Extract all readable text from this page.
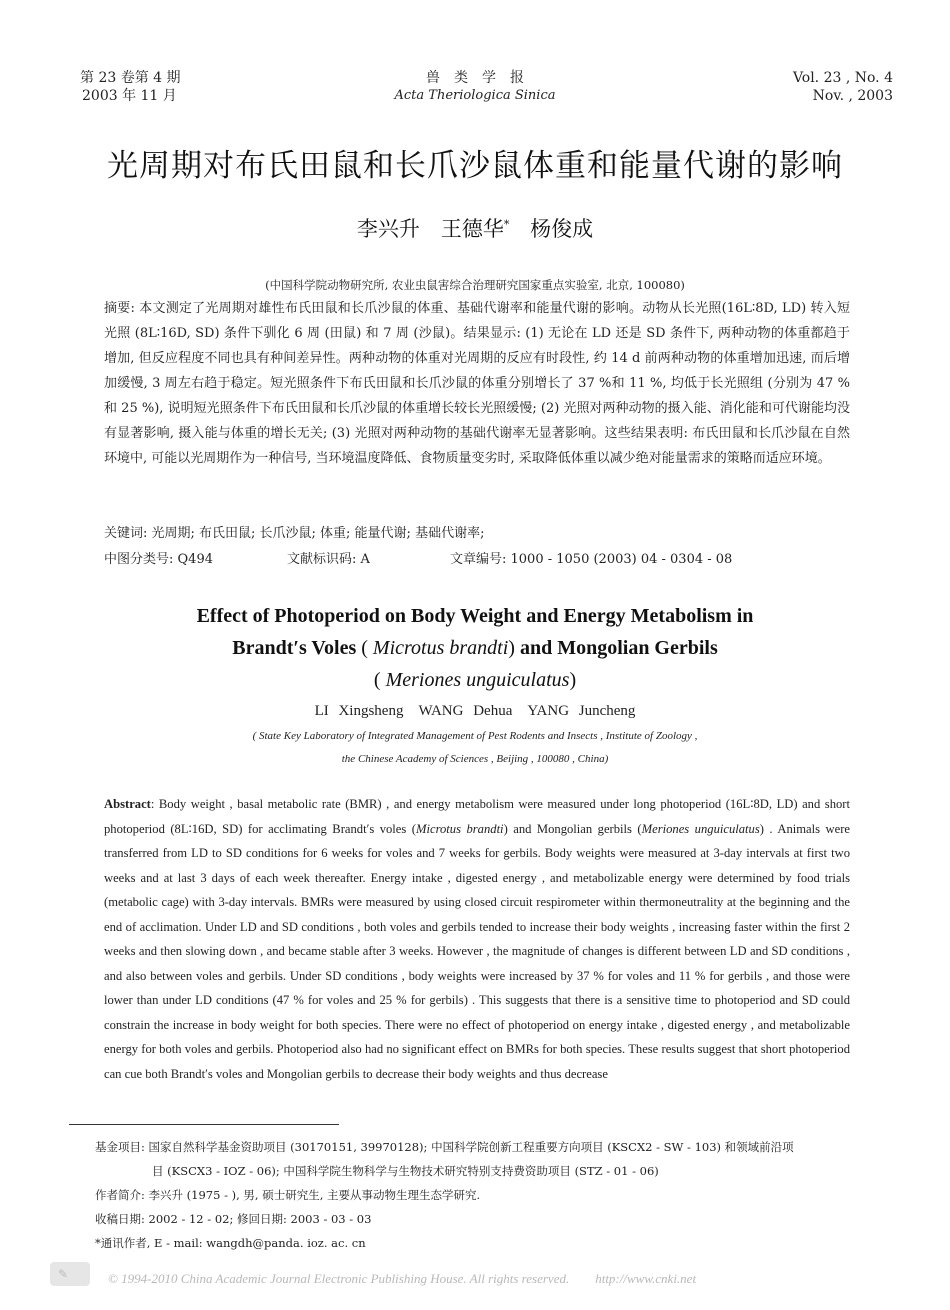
第 23 卷第 4 期
2003 年 11 月
兽　类　学　报
Acta Theriologica Sinica
Vol. 23 , No. 4
Nov. , 2003
光周期对布氏田鼠和长爪沙鼠体重和能量代谢的影响
李兴升　王德华* 杨俊成
(中国科学院动物研究所, 农业虫鼠害综合治理研究国家重点实验室, 北京, 100080)
摘要: 本文测定了光周期对雄性布氏田鼠和长爪沙鼠的体重、基础代谢率和能量代谢的影响。动物从长光照(16L∶8D, LD) 转入短光照 (8L∶16D, SD) 条件下驯化 6 周 (田鼠) 和 7 周 (沙鼠)。结果显示: (1) 无论在 LD 还是 SD 条件下, 两种动物的体重都趋于增加, 但反应程度不同也具有种间差异性。两种动物的体重对光周期的反应有时段性, 约 14 d 前两种动物的体重增加迅速, 而后增加缓慢, 3 周左右趋于稳定。短光照条件下布氏田鼠和长爪沙鼠的体重分别增长了 37 %和 11 %, 均低于长光照组 (分别为 47 %和 25 %), 说明短光照条件下布氏田鼠和长爪沙鼠的体重增长较长光照缓慢; (2) 光照对两种动物的摄入能、消化能和可代谢能均没有显著影响, 摄入能与体重的增长无关; (3) 光照对两种动物的基础代谢率无显著影响。这些结果表明: 布氏田鼠和长爪沙鼠在自然环境中, 可能以光周期作为一种信号, 当环境温度降低、食物质量变劣时, 采取降低体重以减少绝对能量需求的策略而适应环境。
关键词: 光周期; 布氏田鼠; 长爪沙鼠; 体重; 能量代谢; 基础代谢率;
中图分类号: Q494	文献标识码: A	文章编号: 1000 - 1050 (2003) 04 - 0304 - 08
Effect of Photoperiod on Body Weight and Energy Metabolism in
Brandt′s Voles ( Microtus brandti) and Mongolian Gerbils
( Meriones unguiculatus)
LI Xingsheng　WANG Dehua　YANG Juncheng
( State Key Laboratory of Integrated Management of Pest Rodents and Insects , Institute of Zoology ,
the Chinese Academy of Sciences , Beijing , 100080 , China)
Abstract: Body weight , basal metabolic rate (BMR) , and energy metabolism were measured under long photoperiod (16L∶8D, LD) and short photoperiod (8L∶16D, SD) for acclimating Brandt′s voles (Microtus brandti) and Mongolian gerbils (Meriones unguiculatus) . Animals were transferred from LD to SD conditions for 6 weeks for voles and 7 weeks for gerbils. Body weights were measured at 3-day intervals at first two weeks and at last 3 days of each week thereafter. Energy intake , digested energy , and metabolizable energy were determined by food trials (metabolic cage) with 3-day intervals. BMRs were measured by using closed circuit respirometer within thermoneutrality at the beginning and the end of acclimation. Under LD and SD conditions , both voles and gerbils tended to increase their body weights , increasing faster within the first 2 weeks and then slowing down , and became stable after 3 weeks. However , the magnitude of changes is different between LD and SD conditions , and also between voles and gerbils. Under SD conditions , body weights were increased by 37 % for voles and 11 % for gerbils , and those were lower than under LD conditions (47 % for voles and 25 % for gerbils) . This suggests that there is a sensitive time to photoperiod and SD could constrain the increase in body weight for both species. There were no effect of photoperiod on energy intake , digested energy , and metabolizable energy for both voles and gerbils. Photoperiod also had no significant effect on BMRs for both species. These results suggest that short photoperiod can cue both Brandt′s voles and Mongolian gerbils to decrease their body weights and thus decrease
基金项目: 国家自然科学基金资助项目 (30170151, 39970128); 中国科学院创新工程重要方向项目 (KSCX2 - SW - 103) 和领域前沿项
目 (KSCX3 - IOZ - 06); 中国科学院生物科学与生物技术研究特别支持费资助项目 (STZ - 01 - 06)
作者简介: 李兴升 (1975 - ), 男, 硕士研究生, 主要从事动物生理生态学研究.
收稿日期: 2002 - 12 - 02; 修回日期: 2003 - 03 - 03
*通讯作者, E - mail: wangdh@panda. ioz. ac. cn
✎	© 1994-2010 China Academic Journal Electronic Publishing House. All rights reserved.　　http://www.cnki.net
